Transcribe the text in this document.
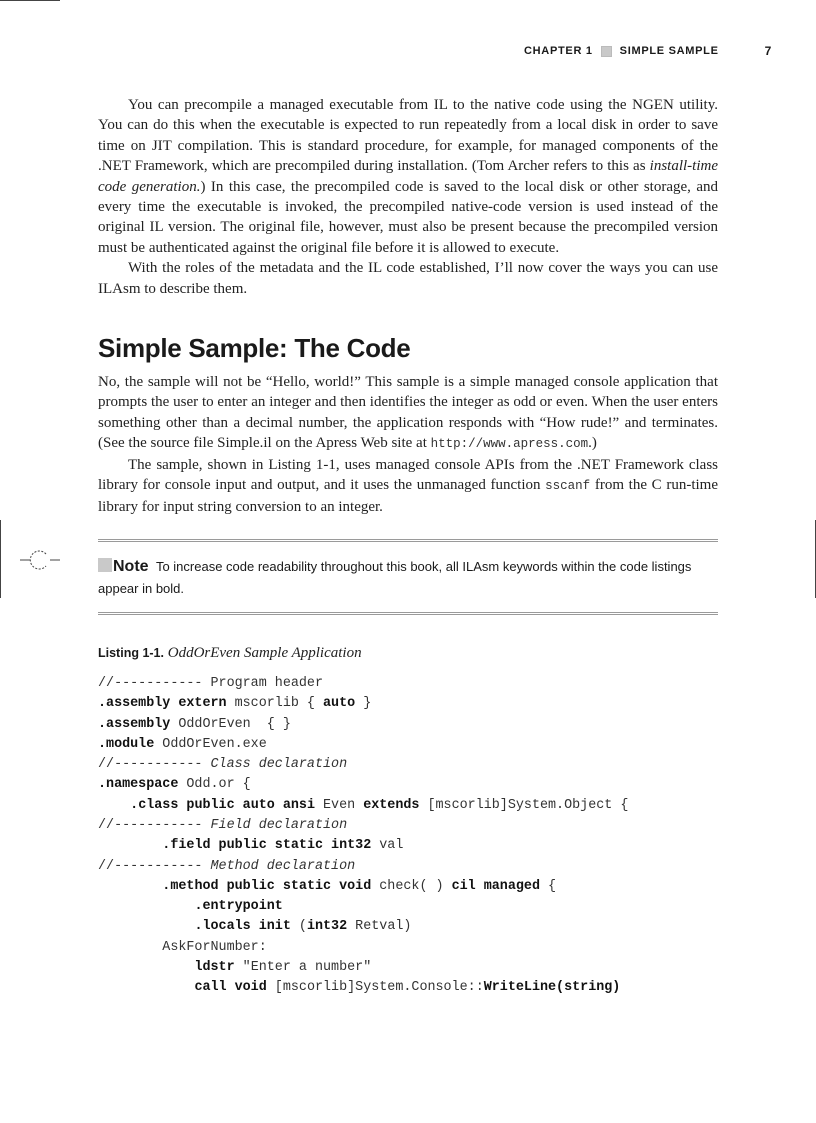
CHAPTER 1 SIMPLE SAMPLE	7

You can precompile a managed executable from IL to the native code using the NGEN utility. You can do this when the executable is expected to run repeatedly from a local disk in order to save time on JIT compilation. This is standard procedure, for example, for managed components of the .NET Framework, which are precompiled during installation. (Tom Archer refers to this as install-time code generation.) In this case, the precompiled code is saved to the local disk or other storage, and every time the executable is invoked, the precompiled native-code version is used instead of the original IL version. The original file, however, must also be present because the precompiled version must be authenticated against the original file before it is allowed to execute.

With the roles of the metadata and the IL code established, I’ll now cover the ways you can use ILAsm to describe them.

Simple Sample: The Code

No, the sample will not be “Hello, world!” This sample is a simple managed console application that prompts the user to enter an integer and then identifies the integer as odd or even. When the user enters something other than a decimal number, the application responds with “How rude!” and terminates. (See the source file Simple.il on the Apress Web site at http://www.apress.com.)

The sample, shown in Listing 1-1, uses managed console APIs from the .NET Framework class library for console input and output, and it uses the unmanaged function sscanf from the C run-time library for input string conversion to an integer.

Note To increase code readability throughout this book, all ILAsm keywords within the code listings appear in bold.
Listing 1-1. OddOrEven Sample Application
//----------- Program header
.assembly extern mscorlib { auto }
.assembly OddOrEven  { }
.module OddOrEven.exe
//----------- Class declaration
.namespace Odd.or {
.class public auto ansi Even extends [mscorlib]System.Object {
//----------- Field declaration
.field public static int32 val
//----------- Method declaration
.method public static void check( ) cil managed {
.entrypoint
.locals init (int32 Retval)
AskForNumber:
ldstr "Enter a number"
call void [mscorlib]System.Console::WriteLine(string)
